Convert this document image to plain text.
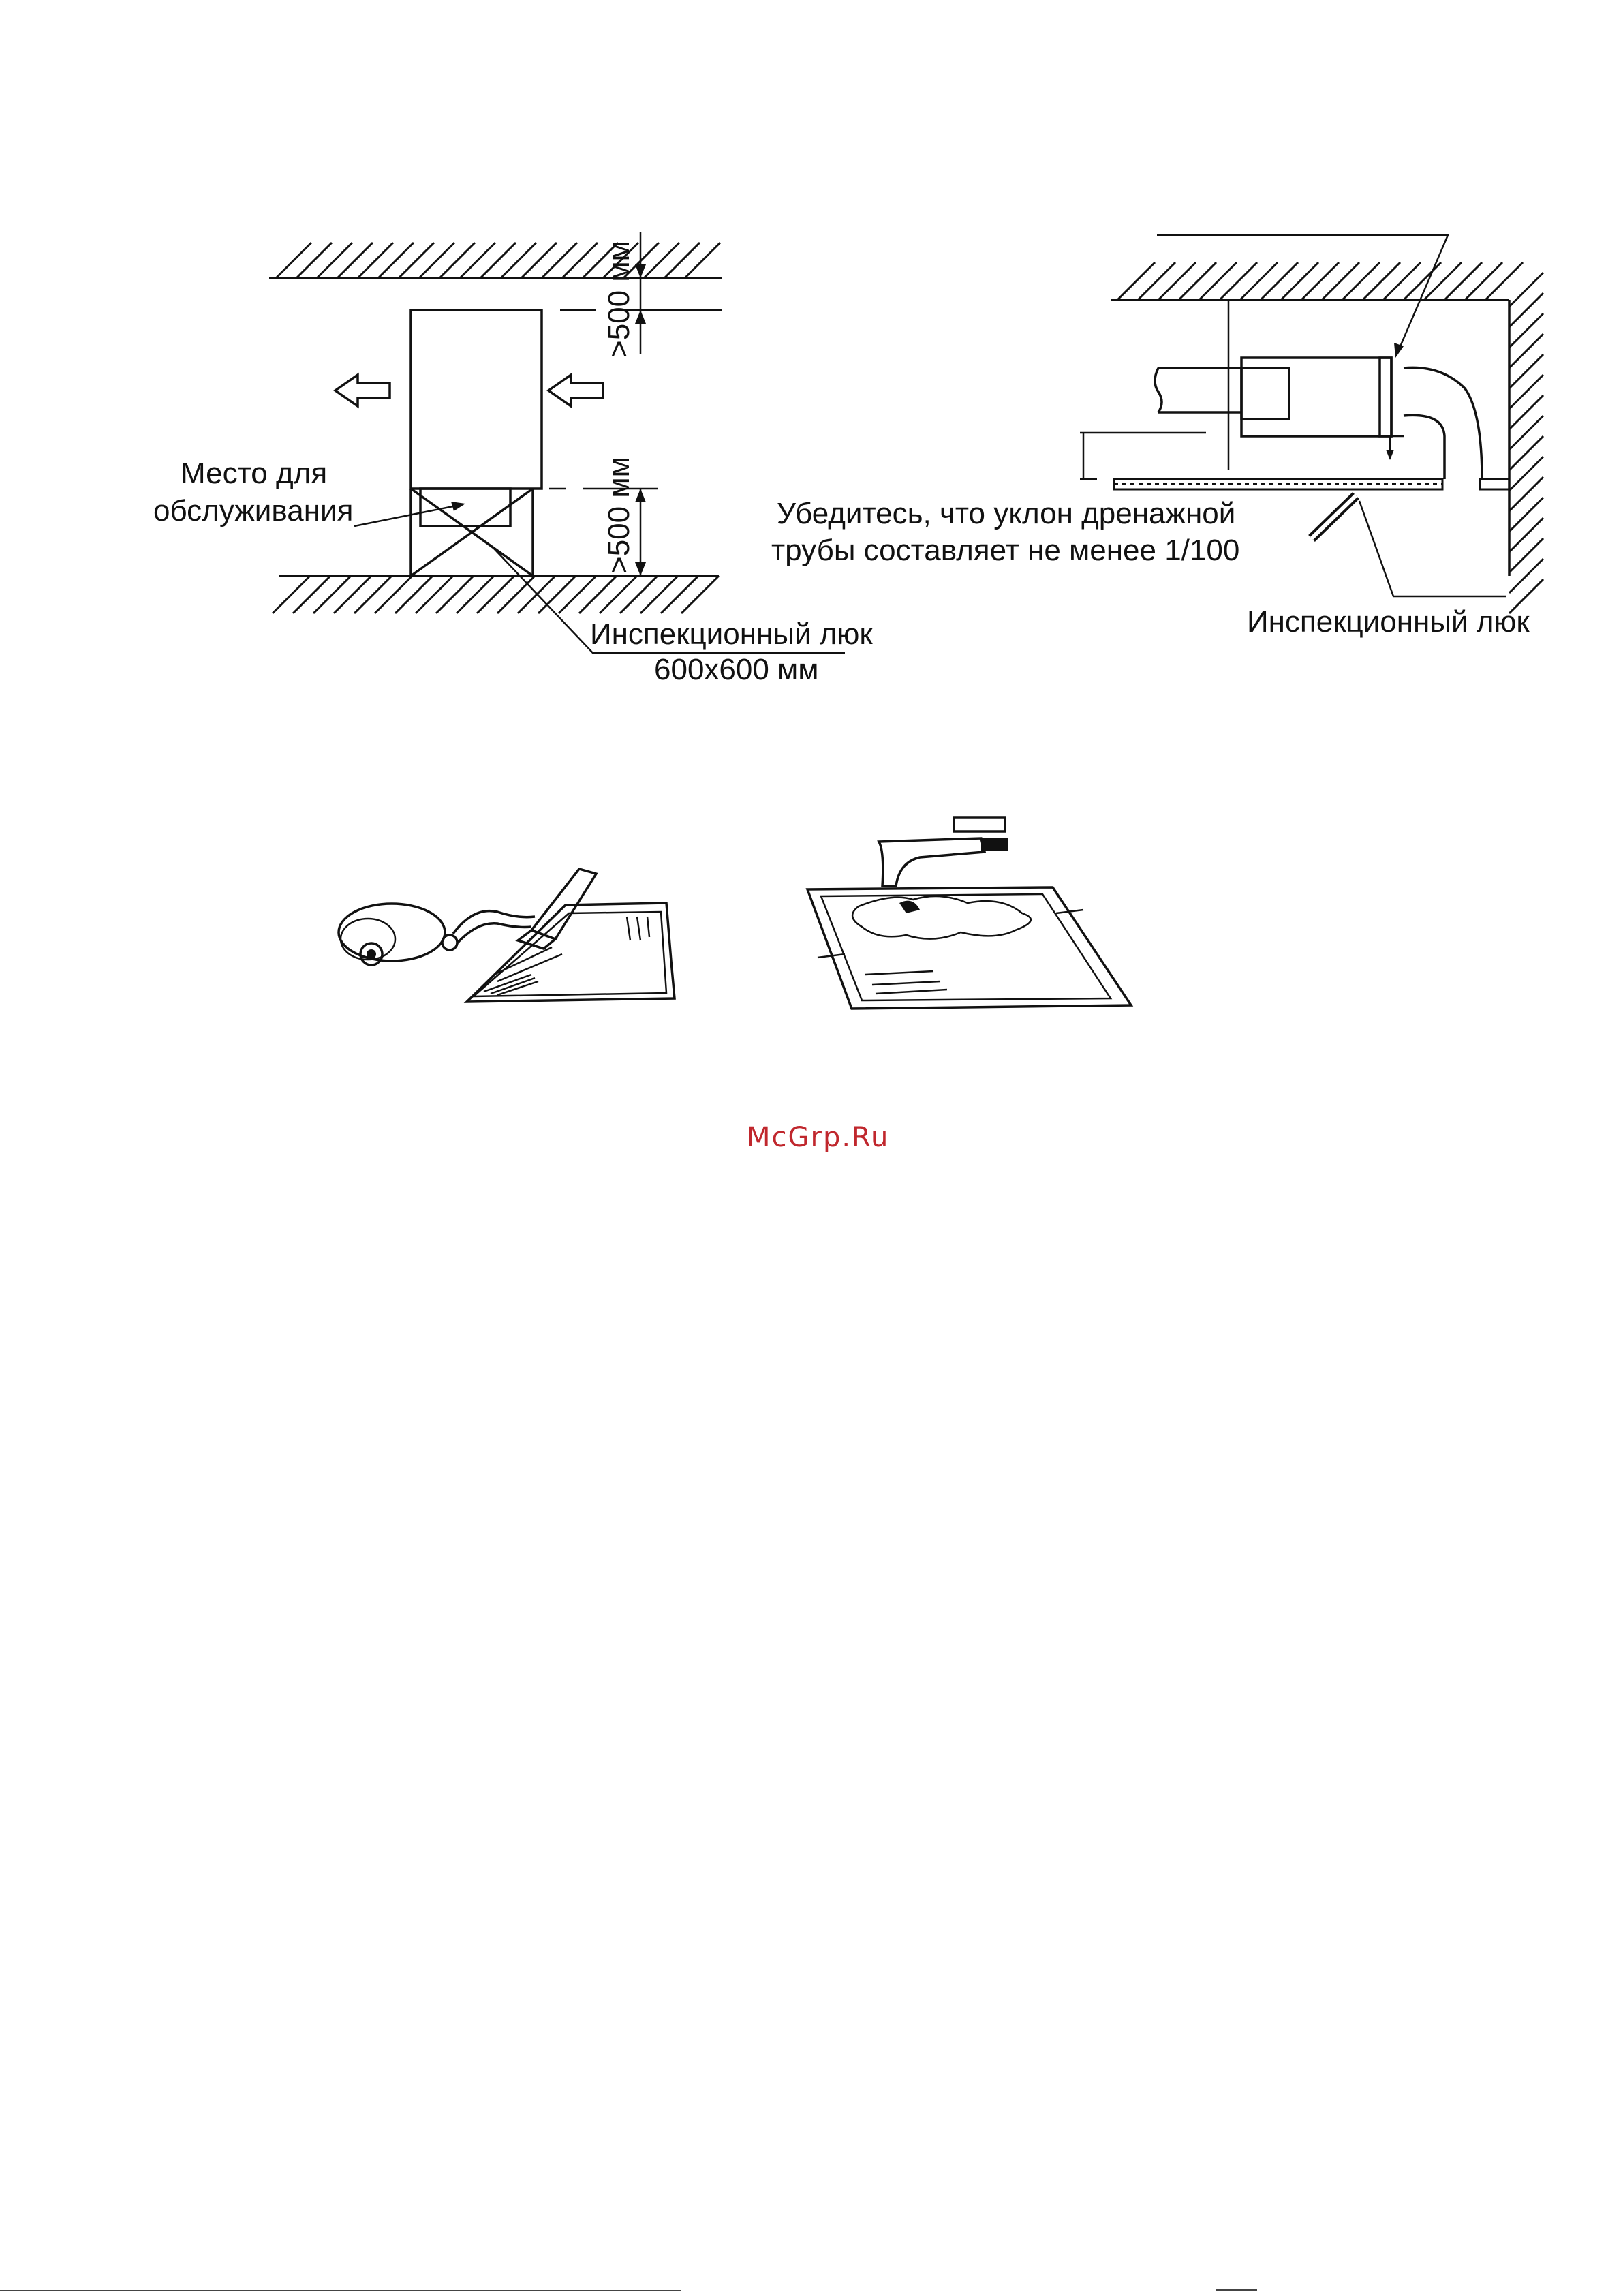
>500 мм
>500 мм
Место для
обслуживания
Инспекционный люк
600x600 мм
Убедитесь, что уклон дренажной
трубы составляет не менее 1/100
Инспекционный люк
McGrp.Ru
